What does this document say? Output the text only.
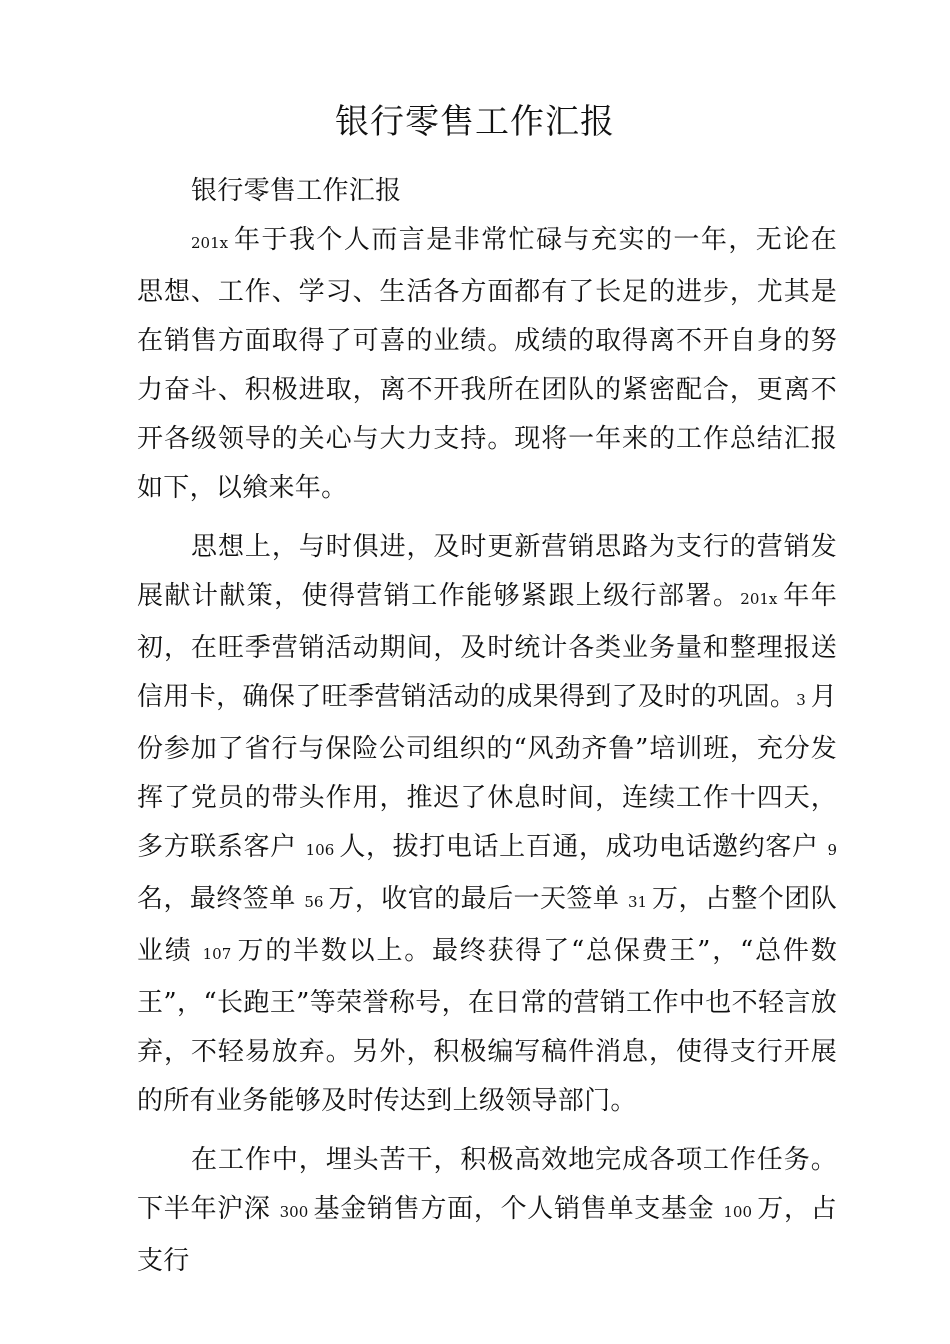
银行零售工作汇报

银行零售工作汇报

201x 年于我个人而言是非常忙碌与充实的一年，无论在思想、工作、学习、生活各方面都有了长足的进步，尤其是在销售方面取得了可喜的业绩。成绩的取得离不开自身的努力奋斗、积极进取，离不开我所在团队的紧密配合，更离不开各级领导的关心与大力支持。现将一年来的工作总结汇报如下，以飨来年。

思想上，与时俱进，及时更新营销思路为支行的营销发展献计献策，使得营销工作能够紧跟上级行部署。201x 年年初，在旺季营销活动期间，及时统计各类业务量和整理报送信用卡，确保了旺季营销活动的成果得到了及时的巩固。3 月份参加了省行与保险公司组织的“风劲齐鲁”培训班，充分发挥了党员的带头作用，推迟了休息时间，连续工作十四天，多方联系客户 106 人，拔打电话上百通，成功电话邀约客户 9 名，最终签单 56 万，收官的最后一天签单 31 万，占整个团队业绩 107 万的半数以上。最终获得了“总保费王”，“总件数王”，“长跑王”等荣誉称号，在日常的营销工作中也不轻言放弃，不轻易放弃。另外，积极编写稿件消息，使得支行开展的所有业务能够及时传达到上级领导部门。

在工作中，埋头苦干，积极高效地完成各项工作任务。下半年沪深 300 基金销售方面，个人销售单支基金 100 万，占支行
